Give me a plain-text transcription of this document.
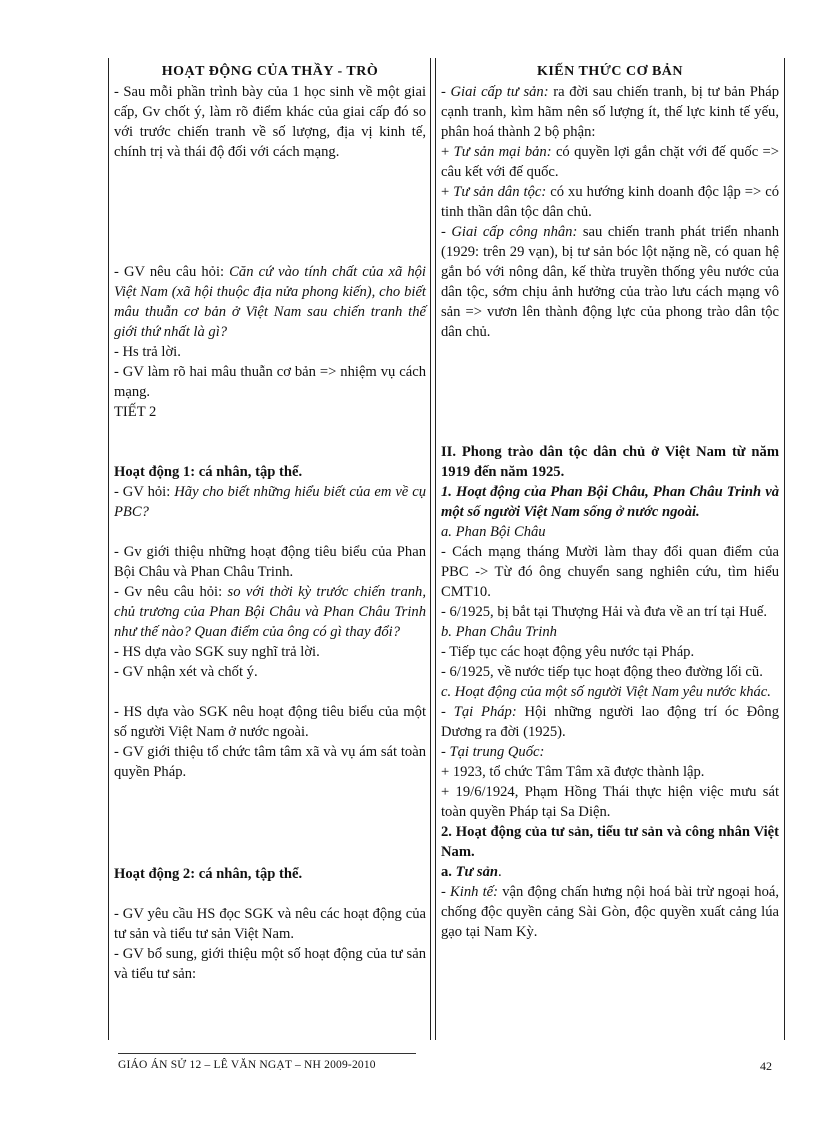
HOẠT ĐỘNG CỦA THẦY - TRÒ

- Sau mỗi phần trình bày của 1 học sinh về một giai cấp, Gv chốt ý, làm rõ điểm khác của giai cấp đó so với trước chiến tranh về số lượng, địa vị kinh tế, chính trị và thái độ đối với cách mạng.

- GV nêu câu hỏi: Căn cứ vào tính chất của xã hội Việt Nam (xã hội thuộc địa nửa phong kiến), cho biết mâu thuẫn cơ bản ở Việt Nam sau chiến tranh thế giới thứ nhất là gì?

- Hs trả lời.

- GV làm rõ hai mâu thuẫn cơ bản => nhiệm vụ cách mạng.

TIẾT 2

Hoạt động 1: cá nhân, tập thể.

- GV hỏi: Hãy cho biết những hiểu biết của em về cụ PBC?

- Gv giới thiệu những hoạt động tiêu biểu của Phan Bội Châu và Phan Châu Trinh.

- Gv nêu câu hỏi: so với thời kỳ trước chiến tranh, chủ trương của Phan Bội Châu và Phan Châu Trinh như thế nào? Quan điểm của ông có gì thay đổi?

- HS dựa vào SGK suy nghĩ trả lời.

- GV nhận xét và chốt ý.

- HS dựa vào SGK nêu hoạt động tiêu biểu của một số người Việt Nam ở nước ngoài.

- GV giới thiệu tổ chức tâm tâm xã và vụ ám sát toàn quyền Pháp.

Hoạt động 2: cá nhân, tập thể.

- GV yêu cầu HS đọc SGK và nêu các hoạt động của tư sản và tiểu tư sản Việt Nam.

- GV bổ sung, giới thiệu một số hoạt động của tư sản và tiểu tư sản:

KIẾN THỨC CƠ BẢN

- Giai cấp tư sản: ra đời sau chiến tranh, bị tư bản Pháp cạnh tranh, kìm hãm nên số lượng ít, thế lực kinh tế yếu, phân hoá thành 2 bộ phận:

+ Tư sản mại bản: có quyền lợi gắn chặt với đế quốc => câu kết với đế quốc.

+ Tư sản dân tộc: có xu hướng kinh doanh độc lập => có tinh thần dân tộc dân chủ.

- Giai cấp công nhân: sau chiến tranh phát triển nhanh (1929: trên 29 vạn), bị tư sản bóc lột nặng nề, có quan hệ gắn bó với nông dân, kế thừa truyền thống yêu nước của dân tộc, sớm chịu ảnh hưởng của trào lưu cách mạng vô sản => vươn lên thành động lực của phong trào dân tộc dân chủ.

II. Phong trào dân tộc dân chủ ở Việt Nam từ năm 1919 đến năm 1925.

1. Hoạt động của Phan Bội Châu, Phan Châu Trinh và một số người Việt Nam sống ở nước ngoài.

a. Phan Bội Châu

- Cách mạng tháng Mười làm thay đổi quan điểm của PBC -> Từ đó ông chuyển sang nghiên cứu, tìm hiểu CMT10.

- 6/1925, bị bắt tại Thượng Hải và đưa về an trí tại Huế.

b. Phan Châu Trinh

- Tiếp tục các hoạt động yêu nước tại Pháp.

- 6/1925, về nước tiếp tục hoạt động theo đường lối cũ.

c. Hoạt động của một số người Việt Nam yêu nước khác.

- Tại Pháp: Hội những người lao động trí óc Đông Dương ra đời (1925).

- Tại trung Quốc:

+ 1923, tổ chức Tâm Tâm xã được thành lập.

+ 19/6/1924, Phạm Hồng Thái thực hiện việc mưu sát toàn quyền Pháp tại Sa Diện.

2. Hoạt động của tư sản, tiểu tư sản và công nhân Việt Nam.

a. Tư sản.

- Kinh tế: vận động chấn hưng nội hoá bài trừ ngoại hoá, chống độc quyền cảng Sài Gòn, độc quyền xuất cảng lúa gạo tại Nam Kỳ.

GIÁO ÁN SỬ 12 – LÊ VĂN NGẠT – NH 2009-2010	42
